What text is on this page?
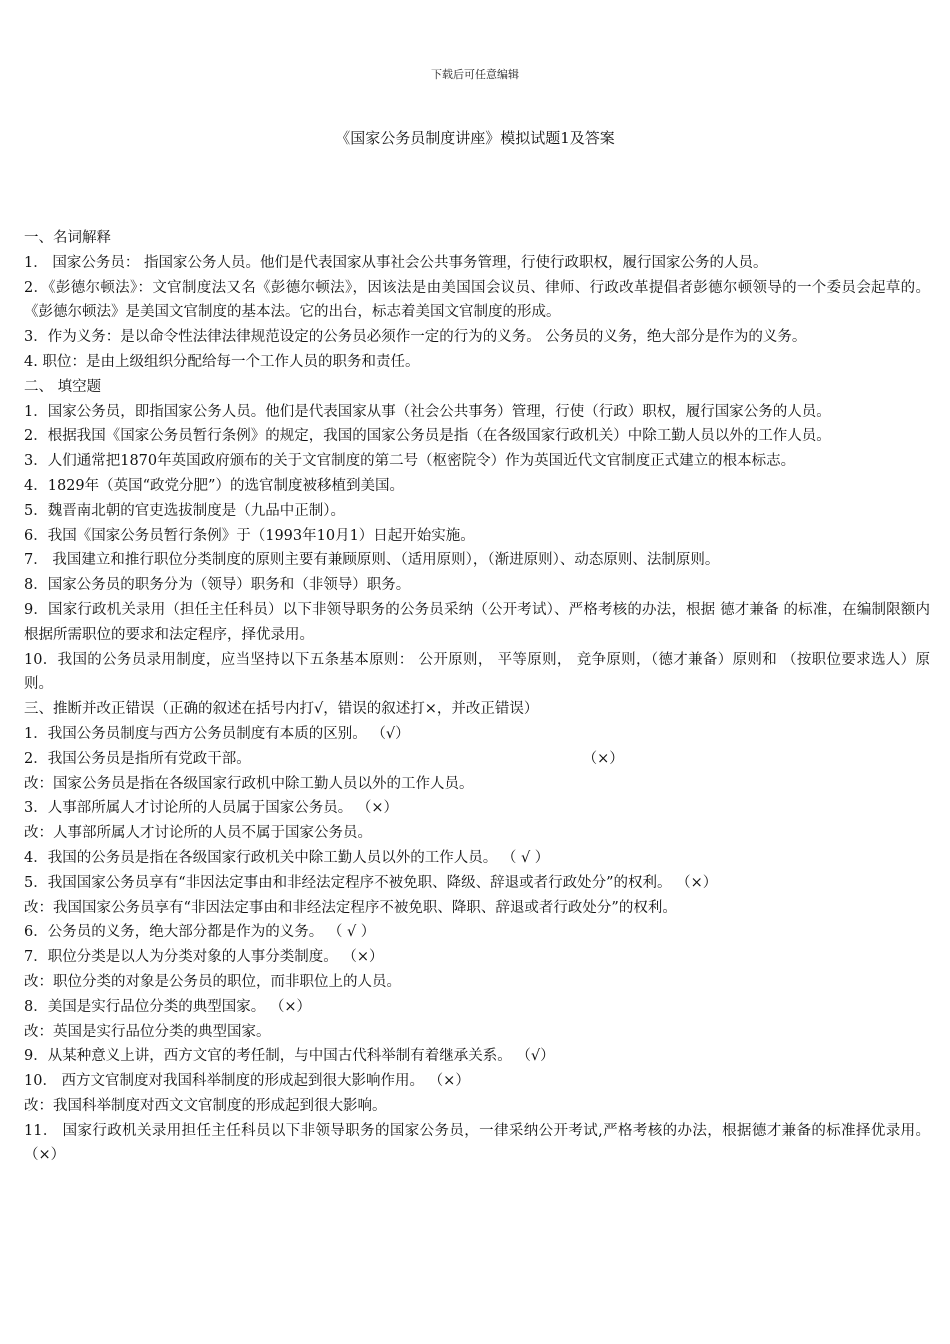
下载后可任意编辑
《国家公务员制度讲座》模拟试题1及答案

一、名词解释

1． 国家公务员： 指国家公务人员。他们是代表国家从事社会公共事务管理，行使行政职权，履行国家公务的人员。

2．《彭德尔顿法》：文官制度法又名《彭德尔顿法》，因该法是由美国国会议员、律师、行政改革提倡者彭德尔顿领导的一个委员会起草的。《彭德尔顿法》是美国文官制度的基本法。它的出台，标志着美国文官制度的形成。

3．作为义务：是以命令性法律法律规范设定的公务员必须作一定的行为的义务。 公务员的义务，绝大部分是作为的义务。

4. 职位：是由上级组织分配给每一个工作人员的职务和责任。

二、 填空题

1．国家公务员，即指国家公务人员。他们是代表国家从事（社会公共事务）管理，行使（行政）职权，履行国家公务的人员。

2．根据我国《国家公务员暂行条例》的规定，我国的国家公务员是指（在各级国家行政机关）中除工勤人员以外的工作人员。

3．人们通常把1870年英国政府颁布的关于文官制度的第二号（枢密院令）作为英国近代文官制度正式建立的根本标志。

4．1829年（英国“政党分肥”）的选官制度被移植到美国。

5．魏晋南北朝的官吏选拔制度是（九品中正制）。

6．我国《国家公务员暂行条例》于（1993年10月1）日起开始实施。

7． 我国建立和推行职位分类制度的原则主要有兼顾原则、（适用原则），（渐进原则）、动态原则、法制原则。

8．国家公务员的职务分为（领导）职务和（非领导）职务。

9．国家行政机关录用（担任主任科员）以下非领导职务的公务员采纳（公开考试）、严格考核的办法，根据 德才兼备 的标准，在编制限额内根据所需职位的要求和法定程序，择优录用。

10．我国的公务员录用制度，应当坚持以下五条基本原则： 公开原则， 平等原则， 竞争原则，（德才兼备）原则和 （按职位要求选人）原则。

三、推断并改正错误（正确的叙述在括号内打√，错误的叙述打×，并改正错误）

1．我国公务员制度与西方公务员制度有本质的区别。 （√）

2．我国公务员是指所有党政干部。                                                                        （×）

改：国家公务员是指在各级国家行政机中除工勤人员以外的工作人员。

3．人事部所属人才讨论所的人员属于国家公务员。 （×）

改：人事部所属人才讨论所的人员不属于国家公务员。

4．我国的公务员是指在各级国家行政机关中除工勤人员以外的工作人员。 （ √ ）

5．我国国家公务员享有“非因法定事由和非经法定程序不被免职、降级、辞退或者行政处分”的权利。 （×）

改：我国国家公务员享有“非因法定事由和非经法定程序不被免职、降职、辞退或者行政处分”的权利。

6．公务员的义务，绝大部分都是作为的义务。 （ √ ）

7．职位分类是以人为分类对象的人事分类制度。 （×）

改：职位分类的对象是公务员的职位，而非职位上的人员。

8．美国是实行品位分类的典型国家。 （×）

改：英国是实行品位分类的典型国家。

9．从某种意义上讲，西方文官的考任制，与中国古代科举制有着继承关系。 （√）

10． 西方文官制度对我国科举制度的形成起到很大影响作用。 （×）

改：我国科举制度对西文文官制度的形成起到很大影响。

11． 国家行政机关录用担任主任科员以下非领导职务的国家公务员，一律采纳公开考试,严格考核的办法，根据德才兼备的标准择优录用。 （×）
